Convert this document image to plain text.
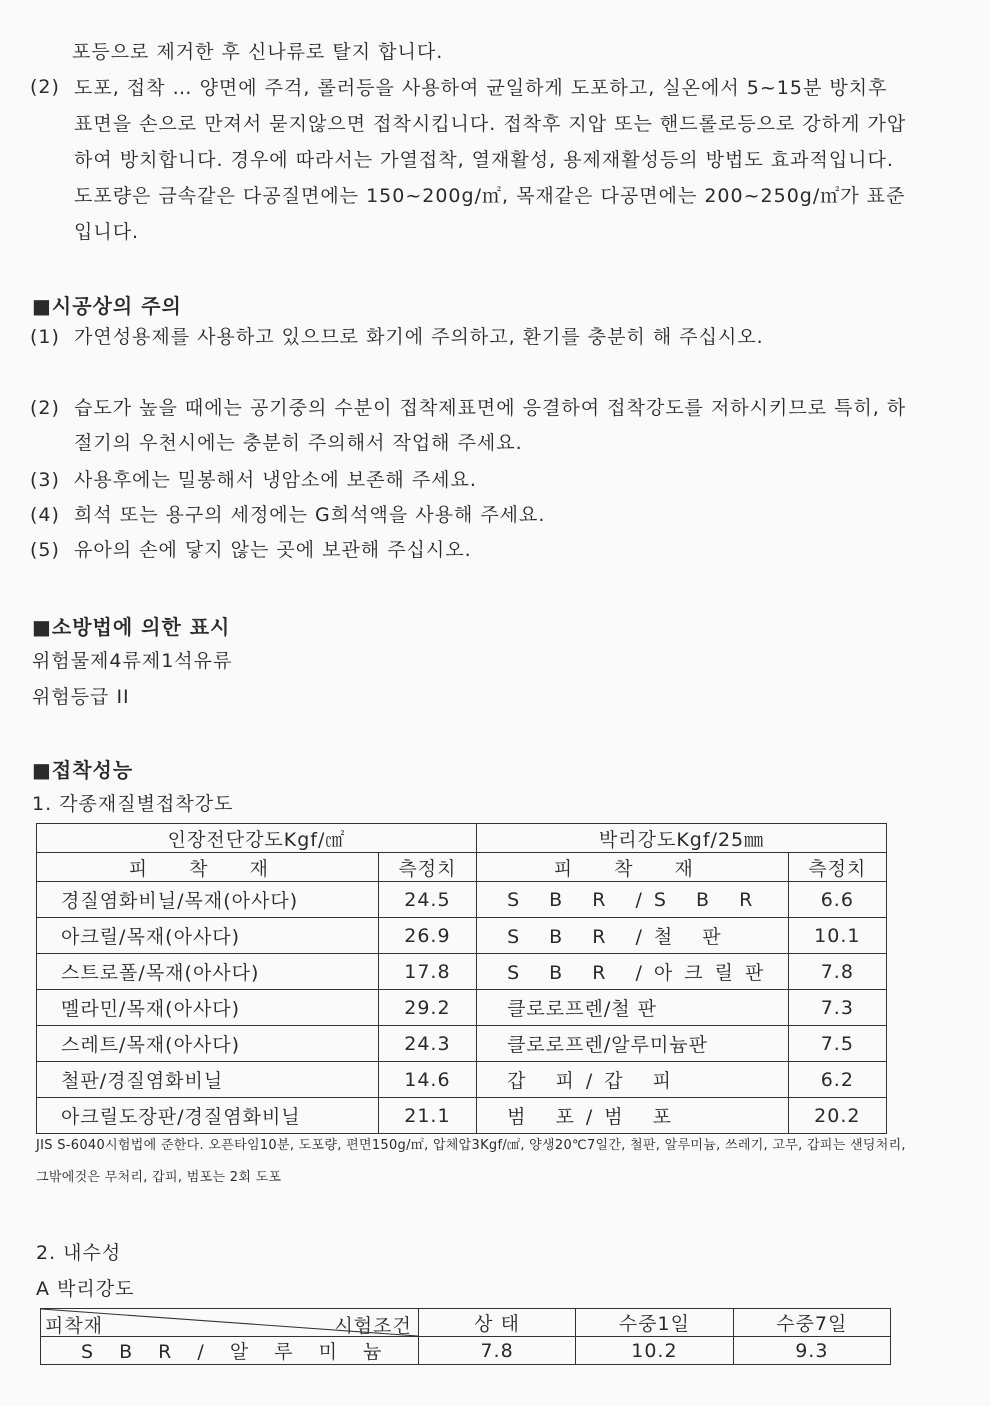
포등으로 제거한 후 신나류로 탈지 합니다.
(2) 도포, 접착 … 양면에 주걱, 롤러등을 사용하여 균일하게 도포하고, 실온에서 5~15분 방치후 표면을 손으로 만져서 묻지않으면 접착시킵니다. 접착후 지압 또는 핸드롤로등으로 강하게 가압하여 방치합니다. 경우에 따라서는 가열접착, 열재활성, 용제재활성등의 방법도 효과적입니다. 도포량은 금속같은 다공질면에는 150~200g/㎡, 목재같은 다공면에는 200~250g/㎡가 표준입니다.
■시공상의 주의
(1) 가연성용제를 사용하고 있으므로 화기에 주의하고, 환기를 충분히 해 주십시오.
(2) 습도가 높을 때에는 공기중의 수분이 접착제표면에 응결하여 접착강도를 저하시키므로 특히, 하절기의 우천시에는 충분히 주의해서 작업해 주세요.
(3) 사용후에는 밀봉해서 냉암소에 보존해 주세요.
(4) 희석 또는 용구의 세정에는 G희석액을 사용해 주세요.
(5) 유아의 손에 닿지 않는 곳에 보관해 주십시오.
■소방법에 의한 표시
위험물제4류제1석유류
위험등급 II
■접착성능
1. 각종재질별접착강도
인장전단강도Kgf/㎠		박리강도Kgf/25㎜	
피 착 재	측정치	피 착 재	측정치
경질염화비닐/목재(아사다)	24.5	S B R /S B R	6.6
아크릴/목재(아사다)	26.9	S B R /철 판	10.1
스트로폴/목재(아사다)	17.8	S B R /아크릴판	7.8
멜라민/목재(아사다)	29.2	클로로프렌/철 판	7.3
스레트/목재(아사다)	24.3	클로로프렌/알루미늄판	7.5
철판/경질염화비닐	14.6	갑 피/갑 피	6.2
아크릴도장판/경질염화비닐	21.1	범 포/범 포	20.2
JIS S-6040시험법에 준한다. 오픈타임10분, 도포량, 편면150g/㎡, 압체압3Kgf/㎠, 양생20℃7일간, 철판, 알루미늄, 쓰레기, 고무, 갑피는 샌딩처리, 그밖에것은 무처리, 갑피, 범포는 2회 도포
2. 내수성
A 박리강도
피착재 시험조건	상 태	수중1일	수중7일
S B R / 알 루 미 늄	7.8	10.2	9.3
